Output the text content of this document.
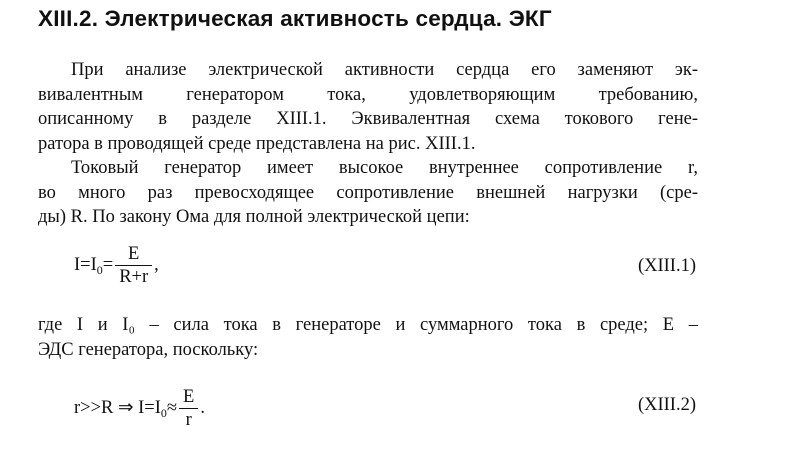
XIII.2. Электрическая активность сердца. ЭКГ
При анализе электрической активности сердца его заменяют эк-
вивалентным генератором тока, удовлетворяющим требованию,
описанному в разделе XIII.1. Эквивалентная схема токового гене-
ратора в проводящей среде представлена на рис. XIII.1.
Токовый генератор имеет высокое внутреннее сопротивление r,
во много раз превосходящее сопротивление внешней нагрузки (сре-
ды) R. По закону Ома для полной электрической цепи:
$I=I_0= \frac{E}{R+r}$ ,	(XIII.1)
где I и I₀ – сила тока в генераторе и суммарного тока в среде; E –
ЭДС генератора, поскольку:
r>>R ⇒ $I=I_0\approx \frac{E}{r}$ .	(XIII.2)
